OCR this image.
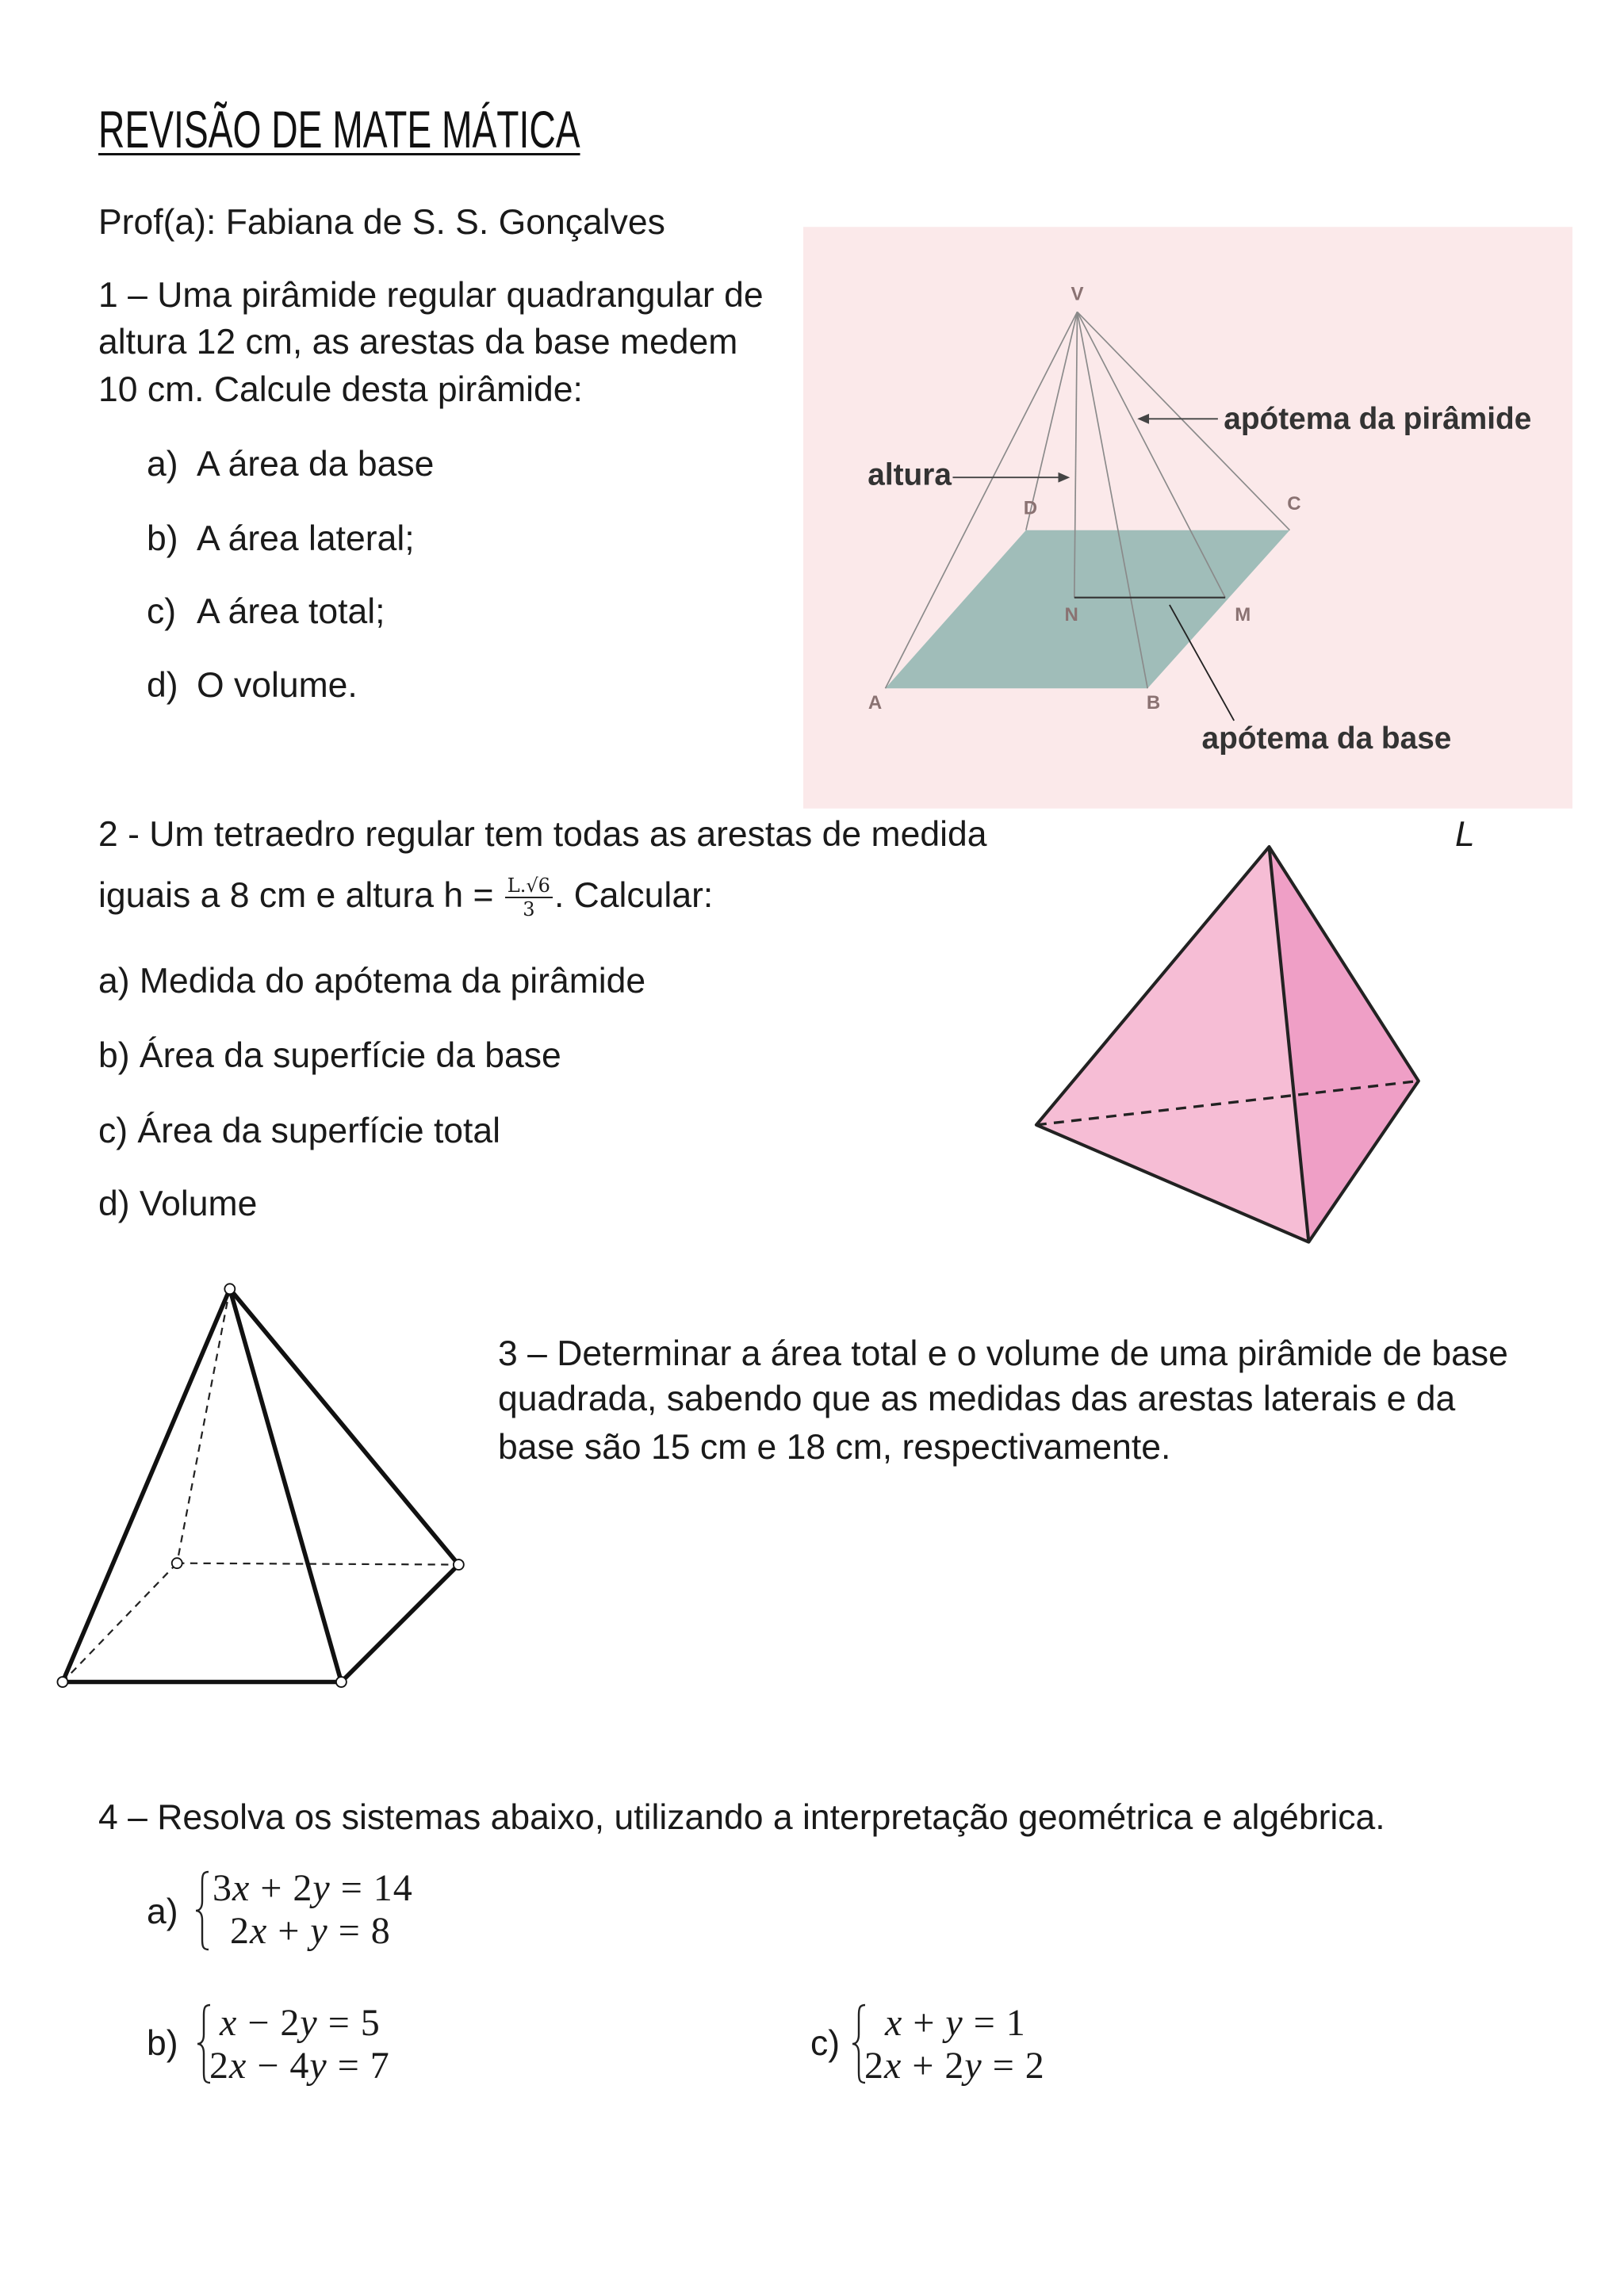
REVISÃO DE MATE MÁTICA
Prof(a): Fabiana de S. S. Gonçalves
1 – Uma pirâmide regular quadrangular de
altura 12 cm, as arestas da base medem
10 cm. Calcule desta pirâmide:
a) A área da base
b) A área lateral;
c) A área total;
d) O volume.
V
D	C
A	B
N	M
apótema da pirâmide
altura
apótema da base
2 - Um tetraedro regular tem todas as arestas de medida	L
iguais a 8 cm e altura $h = \frac{L.√6}{3}$ . Calcular:
a) Medida do apótema da pirâmide
b) Área da superfície da base
c) Área da superfície total
d) Volume
3 – Determinar a área total e o volume de uma pirâmide de base
quadrada, sabendo que as medidas das arestas laterais e da
base são 15 cm e 18 cm, respectivamente.
4 – Resolva os sistemas abaixo, utilizando a interpretação geométrica e algébrica.
a)
3x + 2y = 14
2x + y = 8
b) x − 2y = 5
2x − 4y = 7
c) x + y = 1
2x + 2y = 2
